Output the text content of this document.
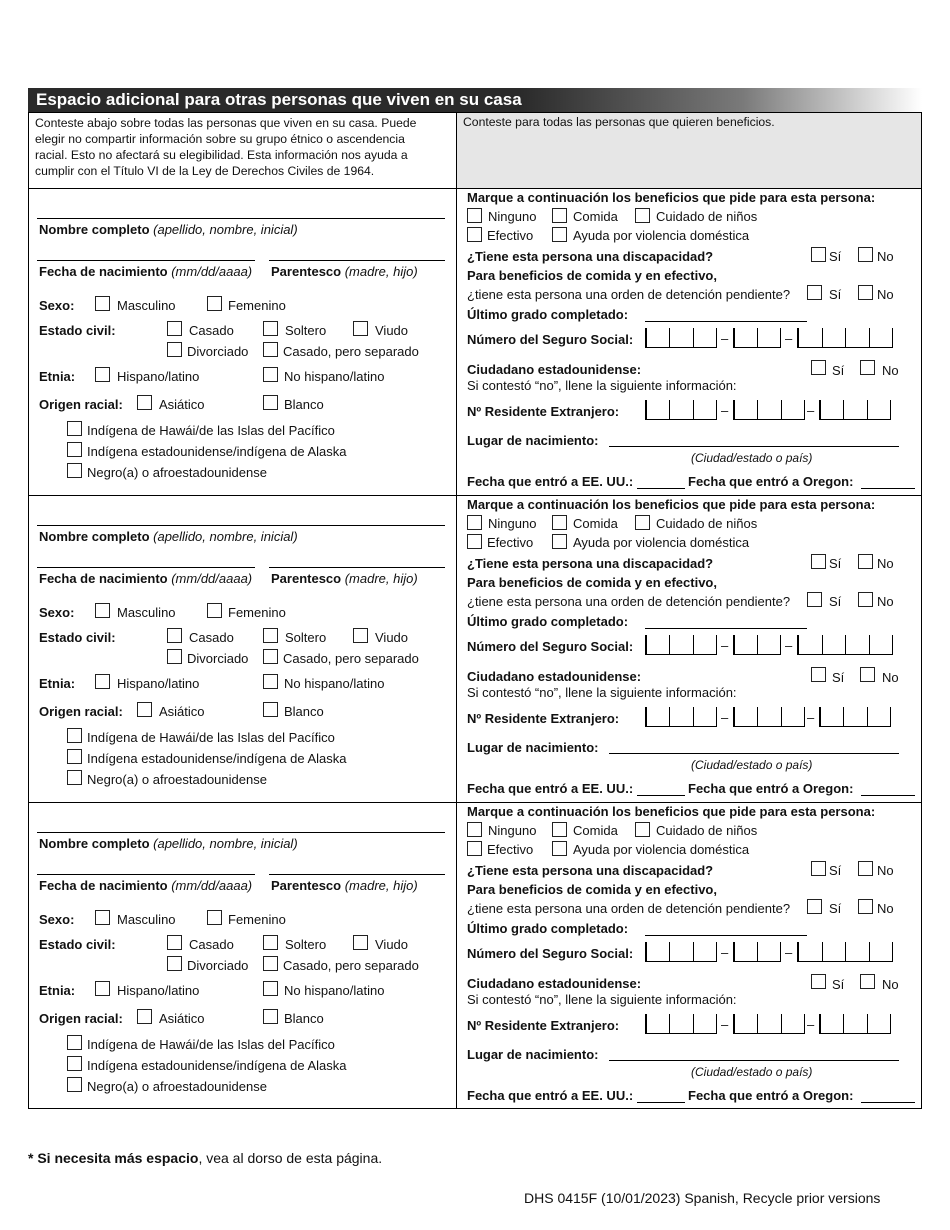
Espacio adicional para otras personas que viven en su casa
Conteste abajo sobre todas las personas que viven en su casa. Puede
elegir no compartir información sobre su grupo étnico o ascendencia
racial. Esto no afectará su elegibilidad. Esta información nos ayuda a
cumplir con el Título VI de la Ley de Derechos Civiles de 1964.
Conteste para todas las personas que quieren beneficios.
Nombre completo (apellido, nombre, inicial)
Fecha de nacimiento (mm/dd/aaaa) Parentesco (madre, hijo)
Sexo:	Masculino	Femenino
Estado civil:	Casado	Soltero	Viudo
Divorciado	Casado, pero separado
Etnia:	Hispano/latino	No hispano/latino
Origen racial:	Asiático	Blanco
Indígena de Hawái/de las Islas del Pacífico
Indígena estadounidense/indígena de Alaska
Negro(a) o afroestadounidense
Marque a continuación los beneficios que pide para esta persona:
Ninguno	Comida	Cuidado de niños
Efectivo	Ayuda por violencia doméstica
¿Tiene esta persona una discapacidad?	Sí	No
Para beneficios de comida y en efectivo,
¿tiene esta persona una orden de detención pendiente?	Sí	No
Último grado completado:
Número del Seguro Social:	–	–
Ciudadano estadounidense:	Sí	No
Si contestó “no”, llene la siguiente información:
Nº Residente Extranjero:	–	–
Lugar de nacimiento:
(Ciudad/estado o país)
Fecha que entró a EE. UU.:	Fecha que entró a Oregon:
Nombre completo (apellido, nombre, inicial)
Fecha de nacimiento (mm/dd/aaaa) Parentesco (madre, hijo)
Sexo:	Masculino	Femenino
Estado civil:	Casado	Soltero	Viudo
Divorciado	Casado, pero separado
Etnia:	Hispano/latino	No hispano/latino
Origen racial:	Asiático	Blanco
Indígena de Hawái/de las Islas del Pacífico
Indígena estadounidense/indígena de Alaska
Negro(a) o afroestadounidense
Marque a continuación los beneficios que pide para esta persona:
Ninguno	Comida	Cuidado de niños
Efectivo	Ayuda por violencia doméstica
¿Tiene esta persona una discapacidad?	Sí	No
Para beneficios de comida y en efectivo,
¿tiene esta persona una orden de detención pendiente?	Sí	No
Último grado completado:
Número del Seguro Social:	–	–
Ciudadano estadounidense:	Sí	No
Si contestó “no”, llene la siguiente información:
Nº Residente Extranjero:	–	–
Lugar de nacimiento:
(Ciudad/estado o país)
Fecha que entró a EE. UU.:	Fecha que entró a Oregon:
Nombre completo (apellido, nombre, inicial)
Fecha de nacimiento (mm/dd/aaaa) Parentesco (madre, hijo)
Sexo:	Masculino	Femenino
Estado civil:	Casado	Soltero	Viudo
Divorciado	Casado, pero separado
Etnia:	Hispano/latino	No hispano/latino
Origen racial:	Asiático	Blanco
Indígena de Hawái/de las Islas del Pacífico
Indígena estadounidense/indígena de Alaska
Negro(a) o afroestadounidense
Marque a continuación los beneficios que pide para esta persona:
Ninguno	Comida	Cuidado de niños
Efectivo	Ayuda por violencia doméstica
¿Tiene esta persona una discapacidad?	Sí	No
Para beneficios de comida y en efectivo,
¿tiene esta persona una orden de detención pendiente?	Sí	No
Último grado completado:
Número del Seguro Social:	–	–
Ciudadano estadounidense:	Sí	No
Si contestó “no”, llene la siguiente información:
Nº Residente Extranjero:	–	–
Lugar de nacimiento:
(Ciudad/estado o país)
Fecha que entró a EE. UU.:	Fecha que entró a Oregon:
* Si necesita más espacio, vea al dorso de esta página.
DHS 0415F (10/01/2023) Spanish, Recycle prior versions
